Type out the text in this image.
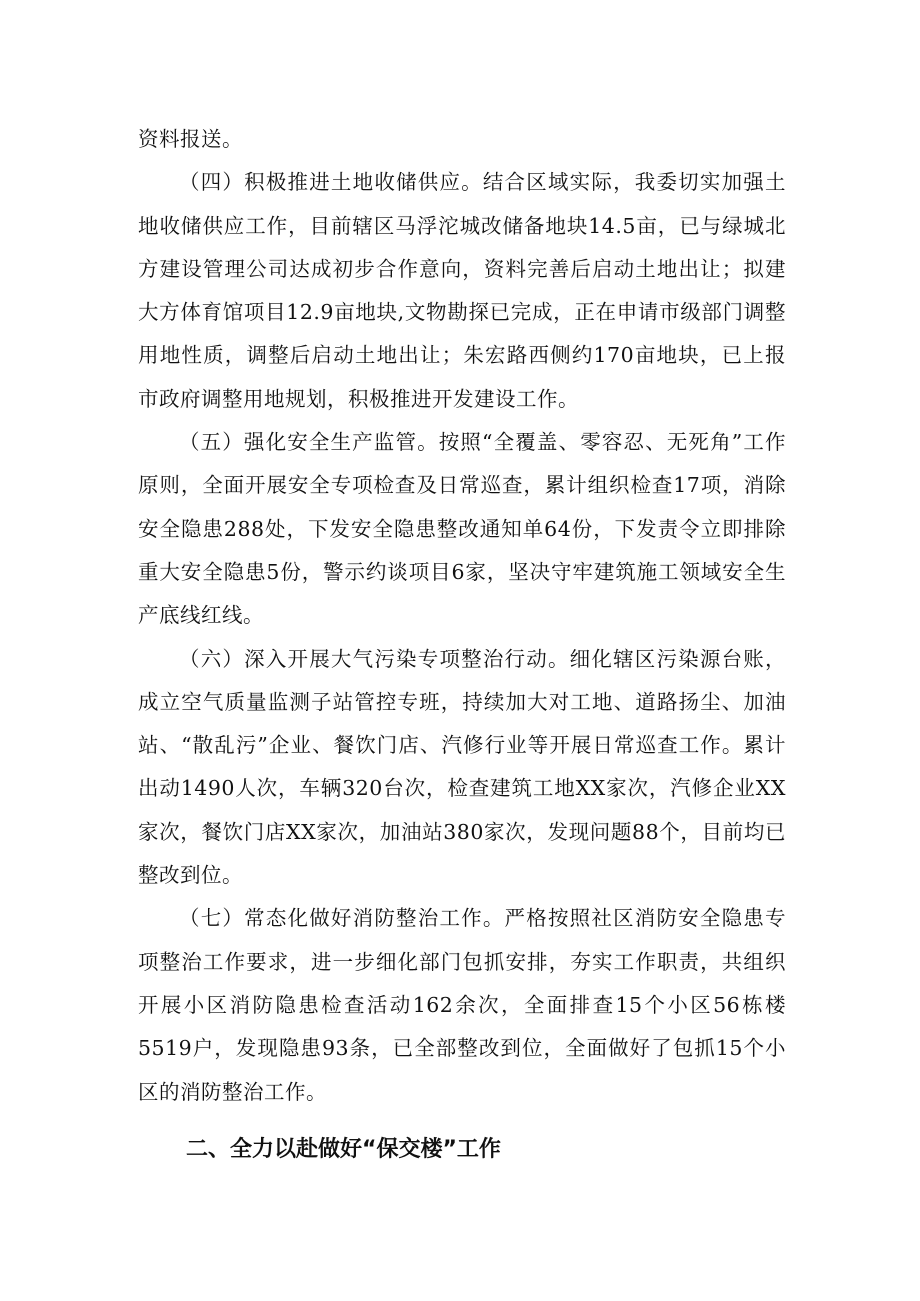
资料报送。

（四）积极推进土地收储供应。结合区域实际，我委切实加强土地收储供应工作，目前辖区马浮沱城改储备地块14.5亩，已与绿城北方建设管理公司达成初步合作意向，资料完善后启动土地出让；拟建大方体育馆项目12.9亩地块,文物勘探已完成，正在申请市级部门调整用地性质，调整后启动土地出让；朱宏路西侧约170亩地块，已上报市政府调整用地规划，积极推进开发建设工作。

（五）强化安全生产监管。按照“全覆盖、零容忍、无死角”工作原则，全面开展安全专项检查及日常巡查，累计组织检查17项，消除安全隐患288处，下发安全隐患整改通知单64份，下发责令立即排除重大安全隐患5份，警示约谈项目6家，坚决守牢建筑施工领域安全生产底线红线。

（六）深入开展大气污染专项整治行动。细化辖区污染源台账，成立空气质量监测子站管控专班，持续加大对工地、道路扬尘、加油站、“散乱污”企业、餐饮门店、汽修行业等开展日常巡查工作。累计出动1490人次，车辆320台次，检查建筑工地XX家次，汽修企业XX家次，餐饮门店XX家次，加油站380家次，发现问题88个，目前均已整改到位。

（七）常态化做好消防整治工作。严格按照社区消防安全隐患专项整治工作要求，进一步细化部门包抓安排，夯实工作职责，共组织开展小区消防隐患检查活动162余次，全面排查15个小区56栋楼5519户，发现隐患93条，已全部整改到位，全面做好了包抓15个小区的消防整治工作。

二、全力以赴做好“保交楼”工作
